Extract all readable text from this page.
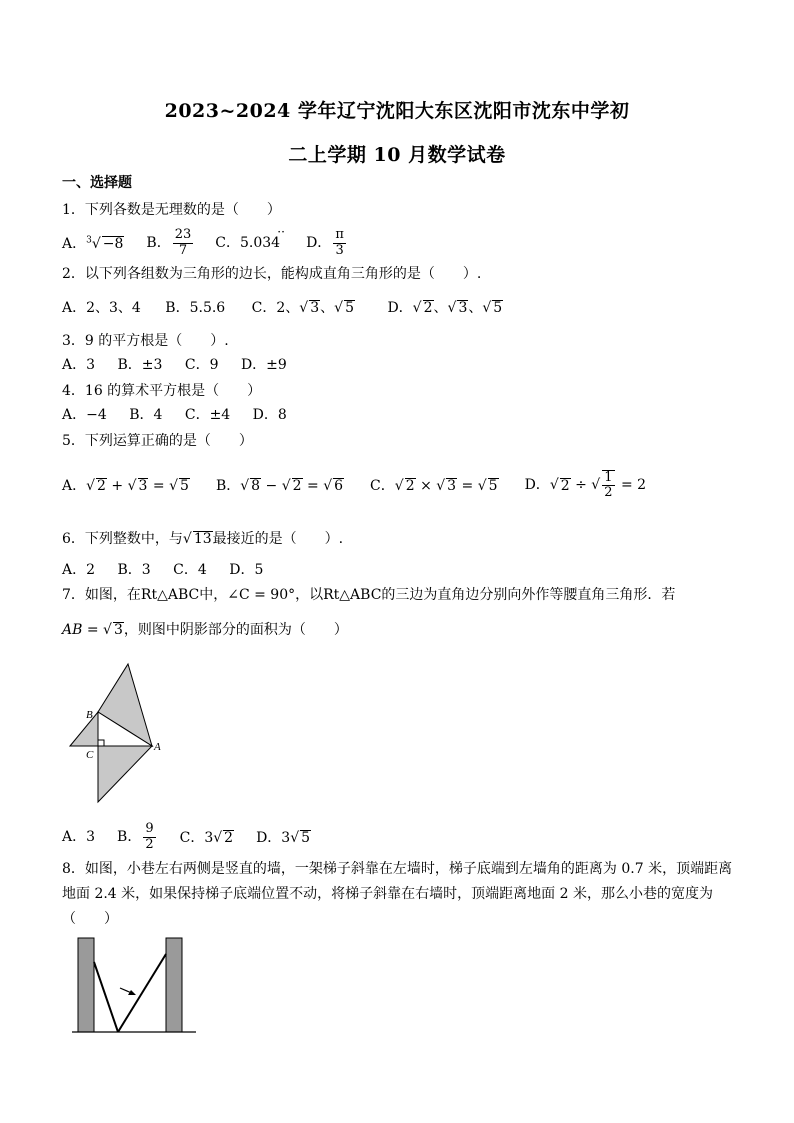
2023~2024 学年辽宁沈阳大东区沈阳市沈东中学初
二上学期 10 月数学试卷
一、选择题
1．下列各数是无理数的是（　　）
A．$^3$√ −8 B． $\frac{23}{7}$ C．5.034
··
D． $\frac{\pi}{3}$
2．以下列各组数为三角形的边长，能构成直角三角形的是（　　）.
A．2、3、4 B．5.5.6 C．2、√ 3、√ 5 D．√ 2、√ 3、√ 5
3．9 的平方根是（　　）.
A．3 B．±3 C．9 D．±9
4．16 的算术平方根是（　　）
A．−4 B．4 C．±4 D．8
5．下列运算正确的是（　　）
A．√ 2 + √ 3 = √ 5 B．√ 8 − √ 2 = √ 6 C．√ 2 × √ 3 = √ 5 D． √ 2
÷ √ $\frac{1}{2}$
= 2
6．下列整数中，与√ 13最接近的是（　　）.
A．2 B．3 C．4 D．5
7．如图，在Rt△ABC中，∠C = 90°，以Rt△ABC的三边为直角边分别向外作等腰直角三角形．若
AB = √ 3，则图中阴影部分的面积为（　　）
B
C
A
A．3 B． $\frac{9}{2}$ C．3√ 2 D．3√ 5
8．如图，小巷左右两侧是竖直的墙，一架梯子斜靠在左墙时，梯子底端到左墙角的距离为 0.7 米，顶端距离
地面 2.4 米，如果保持梯子底端位置不动，将梯子斜靠在右墙时，顶端距离地面 2 米，那么小巷的宽度为
（　　）
